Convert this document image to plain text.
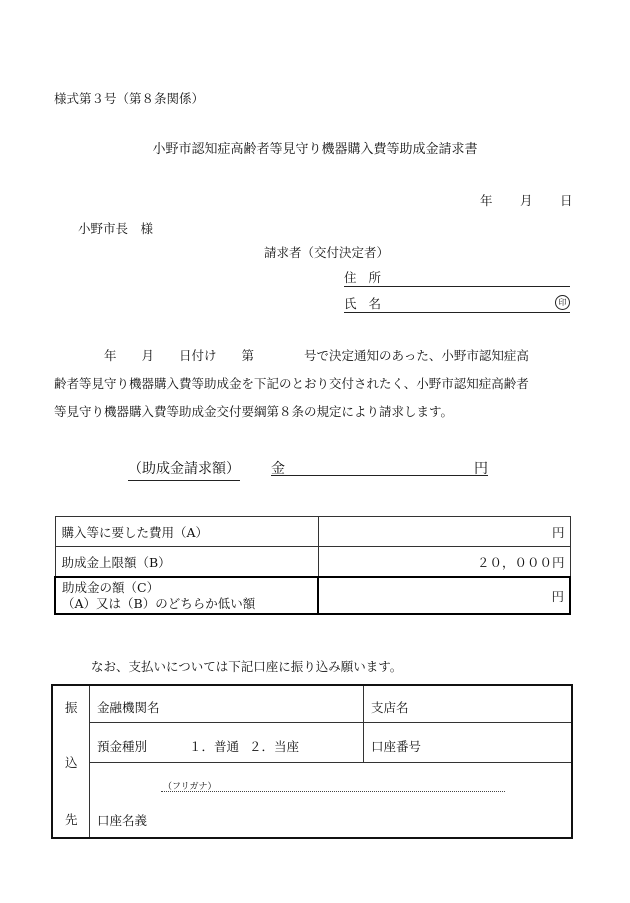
様式第３号（第８条関係）
小野市認知症高齢者等見守り機器購入費等助成金請求書
年 月 日
小野市長　様
請求者（交付決定者）
住所
氏名	印
　　　　年　　月　　日付け　　第　　　　号で決定通知のあった、小野市認知症高
齢者等見守り機器購入費等助成金を下記のとおり交付されたく、小野市認知症高齢者
等見守り機器購入費等助成金交付要綱第８条の規定により請求します。
（助成金請求額） 金	円
購入等に要した費用（A）	円
助成金上限額（B）	２０，０００円

助成金の額（C）
（A）又は（B）のどちらか低い額	円
なお、支払いについては下記口座に振り込み願います。
振
込
先
金融機関名	支店名
預金種別	１．普通 ２．当座	口座番号
（フリガナ）
口座名義
